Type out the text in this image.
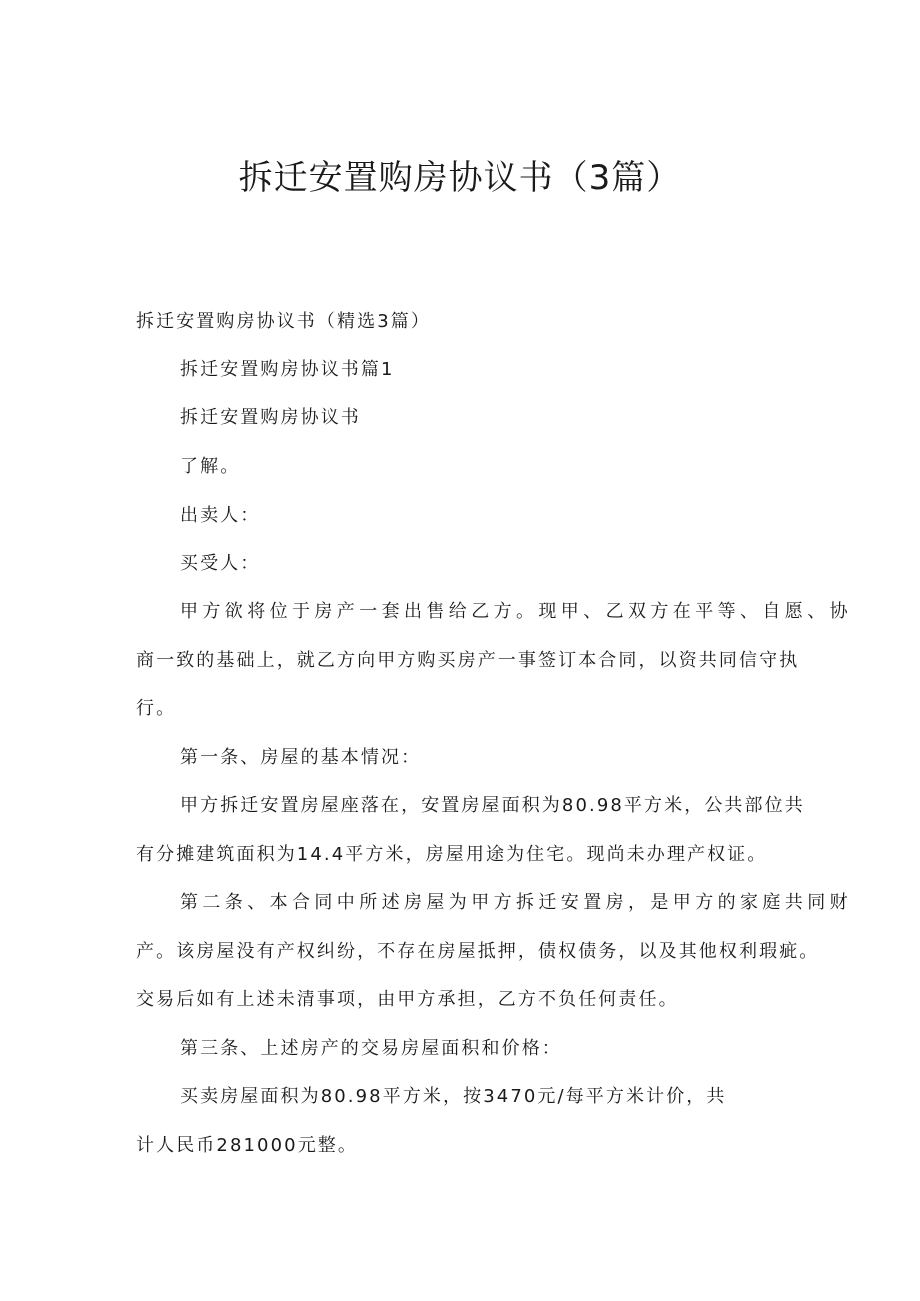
拆迁安置购房协议书（3篇）

拆迁安置购房协议书（精选3篇）

拆迁安置购房协议书篇1

拆迁安置购房协议书

了解。

出卖人：

买受人：

甲方欲将位于房产一套出售给乙方。现甲、乙双方在平等、自愿、协

商一致的基础上，就乙方向甲方购买房产一事签订本合同，以资共同信守执

行。

第一条、房屋的基本情况：

甲方拆迁安置房屋座落在，安置房屋面积为80.98平方米，公共部位共

有分摊建筑面积为14.4平方米，房屋用途为住宅。现尚未办理产权证。

第二条、本合同中所述房屋为甲方拆迁安置房，是甲方的家庭共同财

产。该房屋没有产权纠纷，不存在房屋抵押，债权债务，以及其他权利瑕疵。

交易后如有上述未清事项，由甲方承担，乙方不负任何责任。

第三条、上述房产的交易房屋面积和价格：

买卖房屋面积为80.98平方米，按3470元/每平方米计价，共

计人民币281000元整。
